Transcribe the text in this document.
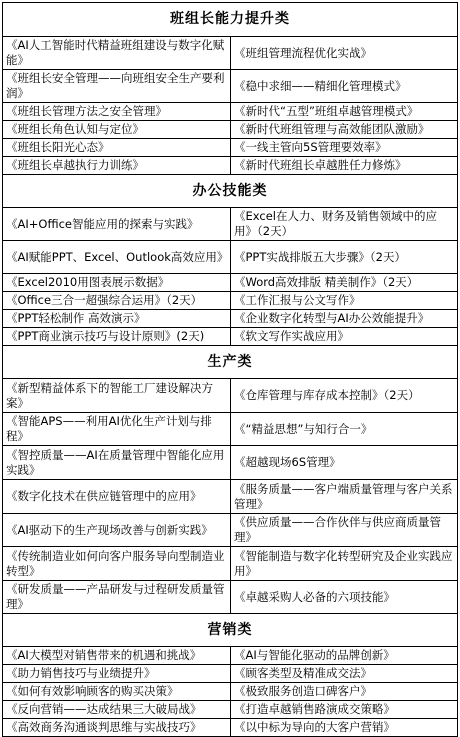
班组长能力提升类	
《AI人工智能时代精益班组建设与数字化赋能》	《班组管理流程优化实战》
《班组长安全管理——向班组安全生产要利润》	《稳中求细——精细化管理模式》
《班组长管理方法之安全管理》	《新时代“五型”班组卓越管理模式》
《班组长角色认知与定位》	《新时代班组管理与高效能团队激励》
《班组长阳光心态》	《一线主管向5S管理要效率》
《班组长卓越执行力训练》	《新时代班组长卓越胜任力修炼》
办公技能类	
《AI+Office智能应用的探索与实践》	《Excel在人力、财务及销售领域中的应用》（2天）
《AI赋能PPT、Excel、Outlook高效应用》	《PPT实战排版五大步骤》（2天）
《Excel2010用图表展示数据》	《Word高效排版 精美制作》（2天）
《Office三合一超强综合运用》（2天）	《工作汇报与公文写作》
《PPT轻松制作 高效演示》	《企业数字化转型与AI办公效能提升》
《PPT商业演示技巧与设计原则》(2天)	《软文写作实战应用》
生产类	
《新型精益体系下的智能工厂建设解决方案》	《仓库管理与库存成本控制》（2天）
《智能APS——利用AI优化生产计划与排程》	《“精益思想”与知行合一》
《智控质量——AI在质量管理中智能化应用实践》	《超越现场6S管理》
《数字化技术在供应链管理中的应用》	《服务质量——客户端质量管理与客户关系管理》
《AI驱动下的生产现场改善与创新实践》	《供应质量——合作伙伴与供应商质量管理》
《传统制造业如何向客户服务导向型制造业转型》	《智能制造与数字化转型研究及企业实践应用》
《研发质量——产品研发与过程研发质量管理》	《卓越采购人必备的六项技能》
营销类	
《AI大模型对销售带来的机遇和挑战》	《AI与智能化驱动的品牌创新》
《助力销售技巧与业绩提升》	《顾客类型及精准成交法》
《如何有效影响顾客的购买决策》	《极致服务创造口碑客户》
《反向营销——达成结果三大破局战》	《打造卓越销售路演成交策略》
《高效商务沟通谈判思维与实战技巧》	《以中标为导向的大客户营销》
